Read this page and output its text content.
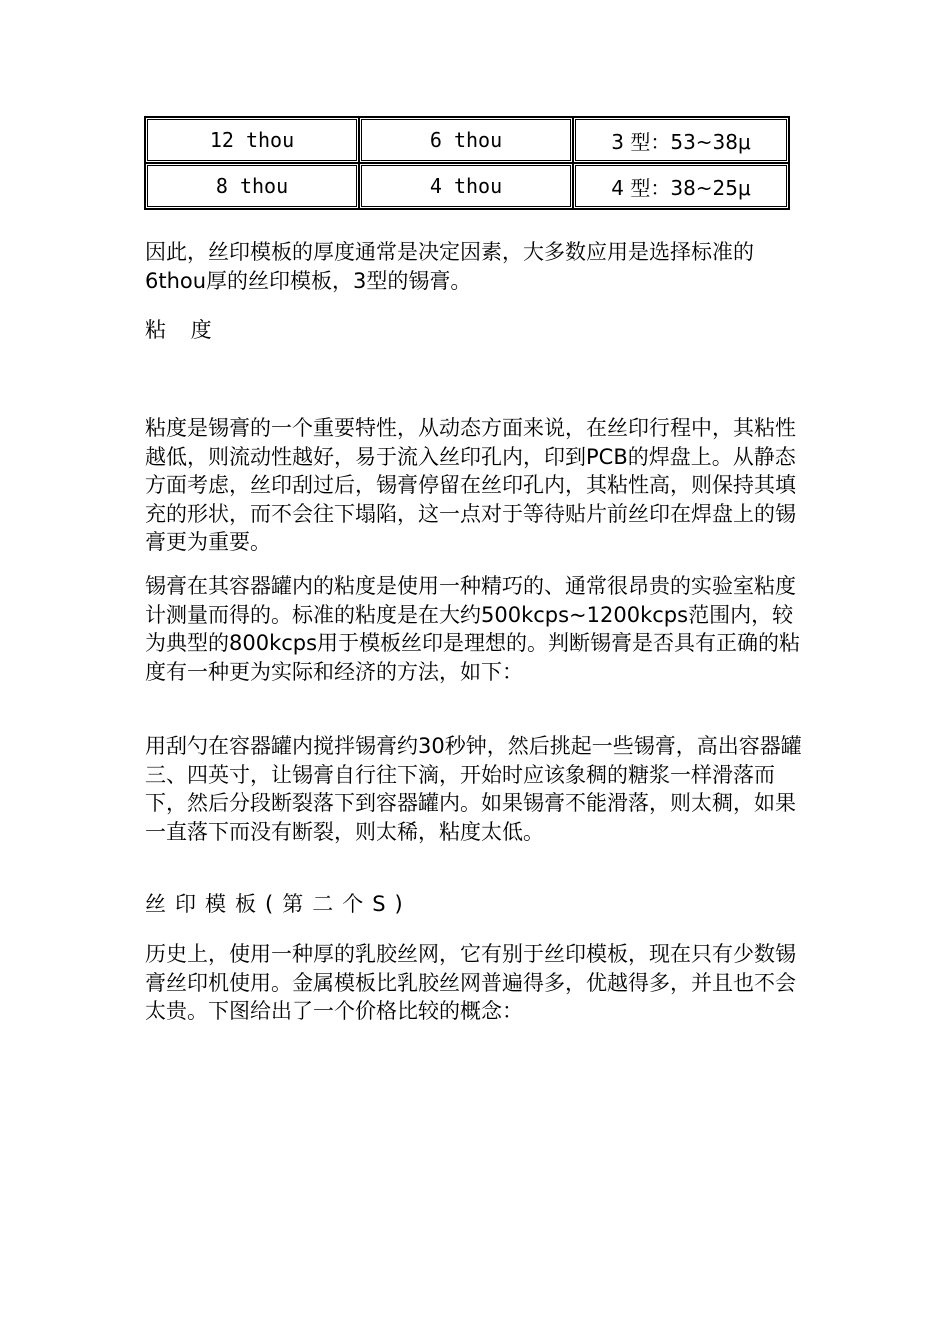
12 thou	6 thou	3 型：53~38μ
8 thou	4 thou	4 型：38~25μ

因此，丝印模板的厚度通常是决定因素，大多数应用是选择标准的6thou厚的丝印模板，3型的锡膏。

粘 度

粘度是锡膏的一个重要特性，从动态方面来说，在丝印行程中，其粘性越低，则流动性越好，易于流入丝印孔内，印到PCB的焊盘上。从静态方面考虑，丝印刮过后，锡膏停留在丝印孔内，其粘性高，则保持其填充的形状，而不会往下塌陷，这一点对于等待贴片前丝印在焊盘上的锡膏更为重要。

锡膏在其容器罐内的粘度是使用一种精巧的、通常很昂贵的实验室粘度计测量而得的。标准的粘度是在大约500kcps~1200kcps范围内，较为典型的800kcps用于模板丝印是理想的。判断锡膏是否具有正确的粘度有一种更为实际和经济的方法，如下：

用刮勺在容器罐内搅拌锡膏约30秒钟，然后挑起一些锡膏，高出容器罐三、四英寸，让锡膏自行往下滴，开始时应该象稠的糖浆一样滑落而下，然后分段断裂落下到容器罐内。如果锡膏不能滑落，则太稠，如果一直落下而没有断裂，则太稀，粘度太低。

丝印模板(第二个S)

历史上，使用一种厚的乳胶丝网，它有别于丝印模板，现在只有少数锡膏丝印机使用。金属模板比乳胶丝网普遍得多，优越得多，并且也不会太贵。下图给出了一个价格比较的概念：
